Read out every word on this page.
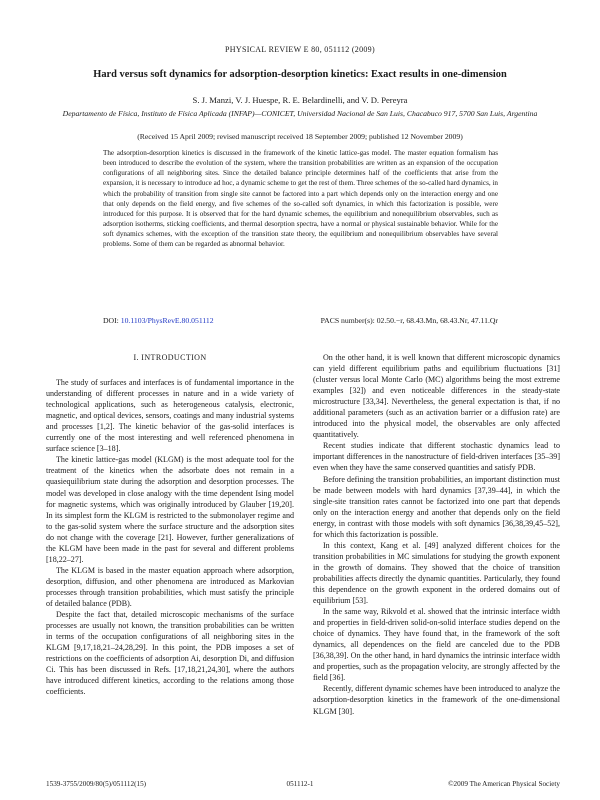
PHYSICAL REVIEW E 80, 051112 (2009)
Hard versus soft dynamics for adsorption-desorption kinetics: Exact results in one-dimension
S. J. Manzi, V. J. Huespe, R. E. Belardinelli, and V. D. Pereyra
Departamento de Física, Instituto de Física Aplicada (INFAP)—CONICET, Universidad Nacional de San Luis, Chacabuco 917, 5700 San Luis, Argentina
(Received 15 April 2009; revised manuscript received 18 September 2009; published 12 November 2009)

The adsorption-desorption kinetics is discussed in the framework of the kinetic lattice-gas model. The master equation formalism has been introduced to describe the evolution of the system, where the transition probabilities are written as an expansion of the occupation configurations of all neighboring sites. Since the detailed balance principle determines half of the coefficients that arise from the expansion, it is necessary to introduce ad hoc, a dynamic scheme to get the rest of them. Three schemes of the so-called hard dynamics, in which the probability of transition from single site cannot be factored into a part which depends only on the interaction energy and one that only depends on the field energy, and five schemes of the so-called soft dynamics, in which this factorization is possible, were introduced for this purpose. It is observed that for the hard dynamic schemes, the equilibrium and nonequilibrium observables, such as adsorption isotherms, sticking coefficients, and thermal desorption spectra, have a normal or physical sustainable behavior. While for the soft dynamics schemes, with the exception of the transition state theory, the equilibrium and nonequilibrium observables have several problems. Some of them can be regarded as abnormal behavior.

DOI: 10.1103/PhysRevE.80.051112	PACS number(s): 02.50.−r, 68.43.Mn, 68.43.Nr, 47.11.Qr

I. INTRODUCTION

The study of surfaces and interfaces is of fundamental importance in the understanding of different processes in nature and in a wide variety of technological applications, such as heterogeneous catalysis, electronic, magnetic, and optical devices, sensors, coatings and many industrial systems and processes [1,2]. The kinetic behavior of the gas-solid interfaces is currently one of the most interesting and well referenced phenomena in surface science [3–18].

The kinetic lattice-gas model (KLGM) is the most adequate tool for the treatment of the kinetics when the adsorbate does not remain in a quasiequilibrium state during the adsorption and desorption processes. The model was developed in close analogy with the time dependent Ising model for magnetic systems, which was originally introduced by Glauber [19,20]. In its simplest form the KLGM is restricted to the submonolayer regime and to the gas-solid system where the surface structure and the adsorption sites do not change with the coverage [21]. However, further generalizations of the KLGM have been made in the past for several and different problems [18,22–27].

The KLGM is based in the master equation approach where adsorption, desorption, diffusion, and other phenomena are introduced as Markovian processes through transition probabilities, which must satisfy the principle of detailed balance (PDB).

Despite the fact that, detailed microscopic mechanisms of the surface processes are usually not known, the transition probabilities can be written in terms of the occupation configurations of all neighboring sites in the KLGM [9,17,18,21–24,28,29]. In this point, the PDB imposes a set of restrictions on the coefficients of adsorption Ai, desorption Di, and diffusion Ci. This has been discussed in Refs. [17,18,21,24,30], where the authors have introduced different kinetics, according to the relations among those coefficients.

On the other hand, it is well known that different microscopic dynamics can yield different equilibrium paths and equilibrium fluctuations [31] (cluster versus local Monte Carlo (MC) algorithms being the most extreme examples [32]) and even noticeable differences in the steady-state microstructure [33,34]. Nevertheless, the general expectation is that, if no additional parameters (such as an activation barrier or a diffusion rate) are introduced into the physical model, the observables are only affected quantitatively.

Recent studies indicate that different stochastic dynamics lead to important differences in the nanostructure of field-driven interfaces [35–39] even when they have the same conserved quantities and satisfy PDB.

Before defining the transition probabilities, an important distinction must be made between models with hard dynamics [37,39–44], in which the single-site transition rates cannot be factorized into one part that depends only on the interaction energy and another that depends only on the field energy, in contrast with those models with soft dynamics [36,38,39,45–52], for which this factorization is possible.

In this context, Kang et al. [49] analyzed different choices for the transition probabilities in MC simulations for studying the growth exponent in the growth of domains. They showed that the choice of transition probabilities affects directly the dynamic quantities. Particularly, they found this dependence on the growth exponent in the ordered domains out of equilibrium [53].

In the same way, Rikvold et al. showed that the intrinsic interface width and properties in field-driven solid-on-solid interface studies depend on the choice of dynamics. They have found that, in the framework of the soft dynamics, all dependences on the field are canceled due to the PDB [36,38,39]. On the other hand, in hard dynamics the intrinsic interface width and properties, such as the propagation velocity, are strongly affected by the field [36].

Recently, different dynamic schemes have been introduced to analyze the adsorption-desorption kinetics in the framework of the one-dimensional KLGM [30].

1539-3755/2009/80(5)/051112(15)	051112-1	©2009 The American Physical Society
